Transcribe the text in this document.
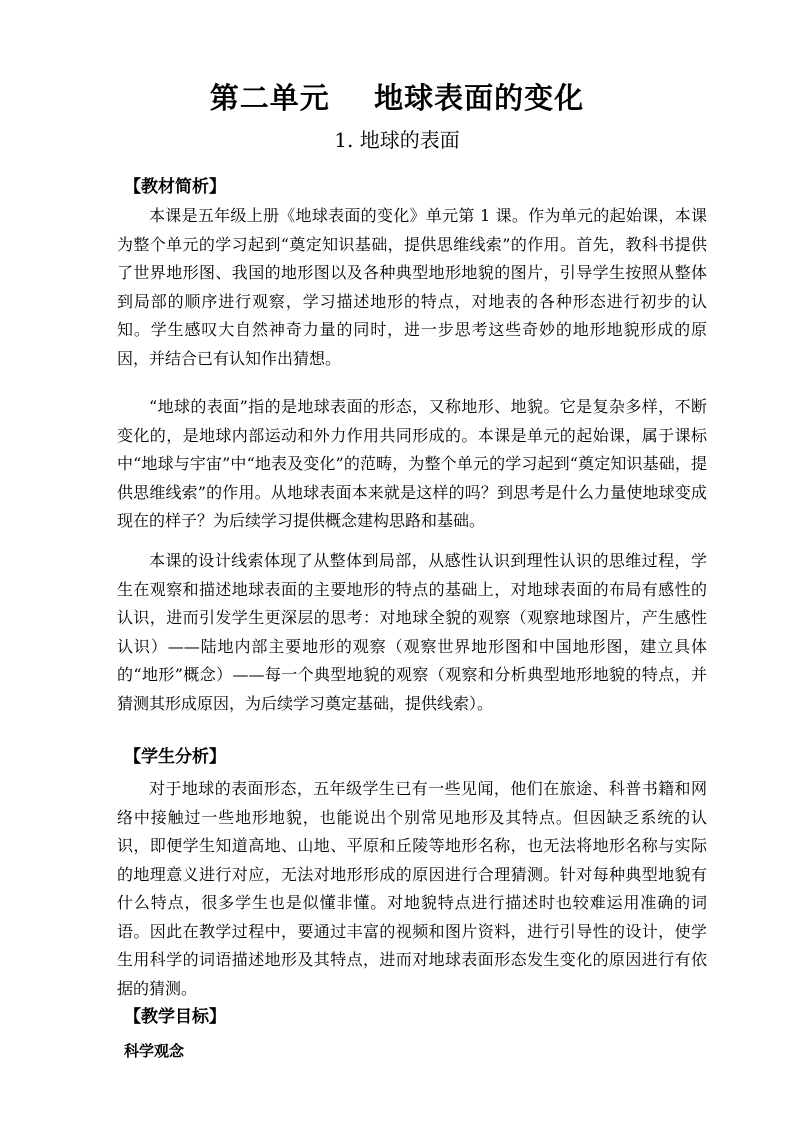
第二单元    地球表面的变化
1. 地球的表面
【教材简析】

本课是五年级上册《地球表面的变化》单元第 1 课。作为单元的起始课，本课为整个单元的学习起到“奠定知识基础，提供思维线索”的作用。首先，教科书提供了世界地形图、我国的地形图以及各种典型地形地貌的图片，引导学生按照从整体到局部的顺序进行观察，学习描述地形的特点，对地表的各种形态进行初步的认知。学生感叹大自然神奇力量的同时，进一步思考这些奇妙的地形地貌形成的原因，并结合已有认知作出猜想。

“地球的表面”指的是地球表面的形态，又称地形、地貌。它是复杂多样，不断变化的，是地球内部运动和外力作用共同形成的。本课是单元的起始课，属于课标中“地球与宇宙”中“地表及变化”的范畴，为整个单元的学习起到“奠定知识基础，提供思维线索”的作用。从地球表面本来就是这样的吗？到思考是什么力量使地球变成现在的样子？为后续学习提供概念建构思路和基础。

本课的设计线索体现了从整体到局部，从感性认识到理性认识的思维过程，学生在观察和描述地球表面的主要地形的特点的基础上，对地球表面的布局有感性的认识，进而引发学生更深层的思考：对地球全貌的观察（观察地球图片，产生感性认识）——陆地内部主要地形的观察（观察世界地形图和中国地形图，建立具体的“地形”概念）——每一个典型地貌的观察（观察和分析典型地形地貌的特点，并猜测其形成原因，为后续学习奠定基础，提供线索）。

【学生分析】

对于地球的表面形态，五年级学生已有一些见闻，他们在旅途、科普书籍和网络中接触过一些地形地貌，也能说出个别常见地形及其特点。但因缺乏系统的认识，即便学生知道高地、山地、平原和丘陵等地形名称，也无法将地形名称与实际的地理意义进行对应，无法对地形形成的原因进行合理猜测。针对每种典型地貌有什么特点，很多学生也是似懂非懂。对地貌特点进行描述时也较难运用准确的词语。因此在教学过程中，要通过丰富的视频和图片资料，进行引导性的设计，使学生用科学的词语描述地形及其特点，进而对地球表面形态发生变化的原因进行有依据的猜测。

【教学目标】
科学观念
